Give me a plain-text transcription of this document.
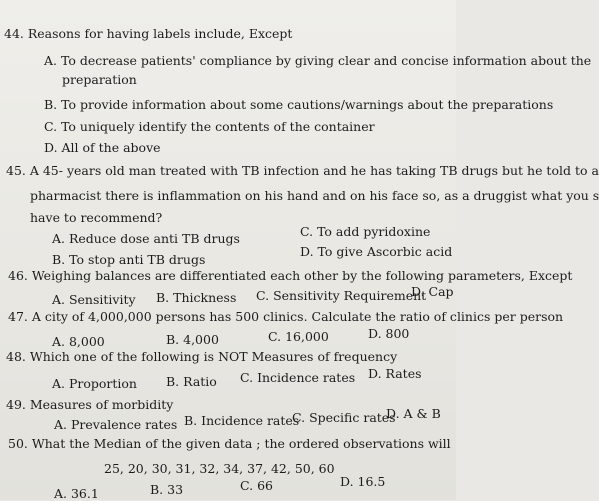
44. Reasons for having labels include, Except
A. To decrease patients' compliance by giving clear and concise information about the
preparation
B. To provide information about some cautions/warnings about the preparations
C. To uniquely identify the contents of the container
D. All of the above
45. A 45- years old man treated with TB infection and he has taking TB drugs but he told to a
pharmacist there is inflammation on his hand and on his face so, as a druggist what you s
have to recommend?
A. Reduce dose anti TB drugs	C. To add pyridoxine
B. To stop anti TB drugs
D. To give Ascorbic acid
46. Weighing balances are differentiated each other by the following parameters, Except
A. Sensitivity B. Thickness C. Sensitivity Requirement
D. Cap
47. A city of 4,000,000 persons has 500 clinics. Calculate the ratio of clinics per person
A. 8,000	B. 4,000	C. 16,000	D. 800
48. Which one of the following is NOT Measures of frequency
A. Proportion B. Ratio C. Incidence rates D. Rates
49. Measures of morbidity
A. Prevalence rates B. Incidence rates
C. Specific rates
D. A & B
50. What the Median of the given data ; the ordered observations will
25, 20, 30, 31, 32, 34, 37, 42, 50, 60
A. 36.1	B. 33	C. 66	D. 16.5
